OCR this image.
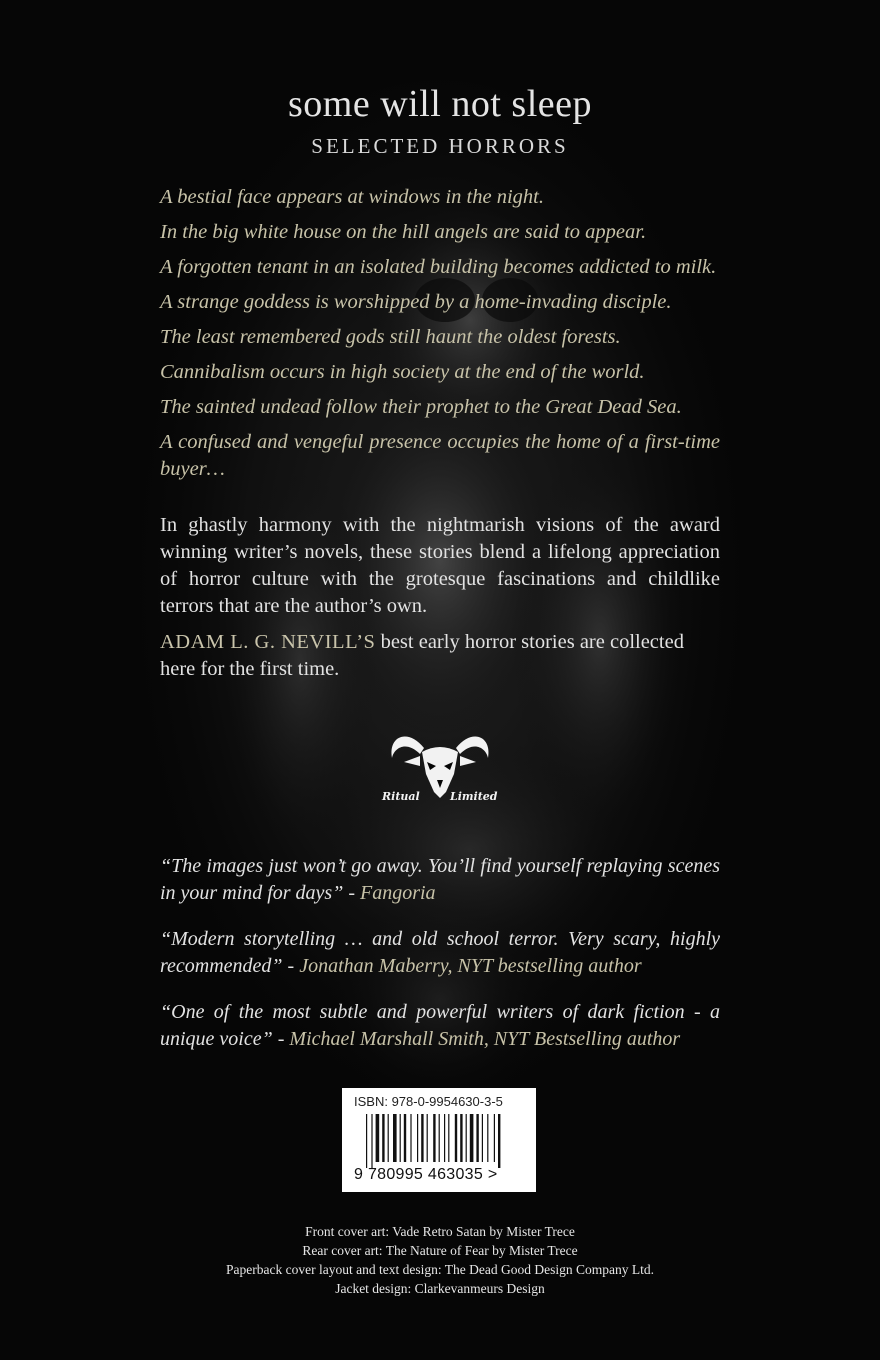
some will not sleep
SELECTED HORRORS
A bestial face appears at windows in the night.
In the big white house on the hill angels are said to appear.
A forgotten tenant in an isolated building becomes addicted to milk.
A strange goddess is worshipped by a home-invading disciple.
The least remembered gods still haunt the oldest forests.
Cannibalism occurs in high society at the end of the world.
The sainted undead follow their prophet to the Great Dead Sea.
A confused and vengeful presence occupies the home of a first-time buyer…

In ghastly harmony with the nightmarish visions of the award winning writer’s novels, these stories blend a lifelong appreciation of horror culture with the grotesque fascinations and childlike terrors that are the author’s own.

ADAM L. G. NEVILL’S best early horror stories are collected here for the first time.

Ritual	Limited

“The images just won’t go away. You’ll find yourself replaying scenes in your mind for days” - Fangoria

“Modern storytelling … and old school terror. Very scary, highly recommended” - Jonathan Maberry, NYT bestselling author

“One of the most subtle and powerful writers of dark fiction - a unique voice” - Michael Marshall Smith, NYT Bestselling author

ISBN: 978-0-9954630-3-5
9 780995 463035 >
Front cover art: Vade Retro Satan by Mister Trece
Rear cover art: The Nature of Fear by Mister Trece
Paperback cover layout and text design: The Dead Good Design Company Ltd.
Jacket design: Clarkevanmeurs Design
